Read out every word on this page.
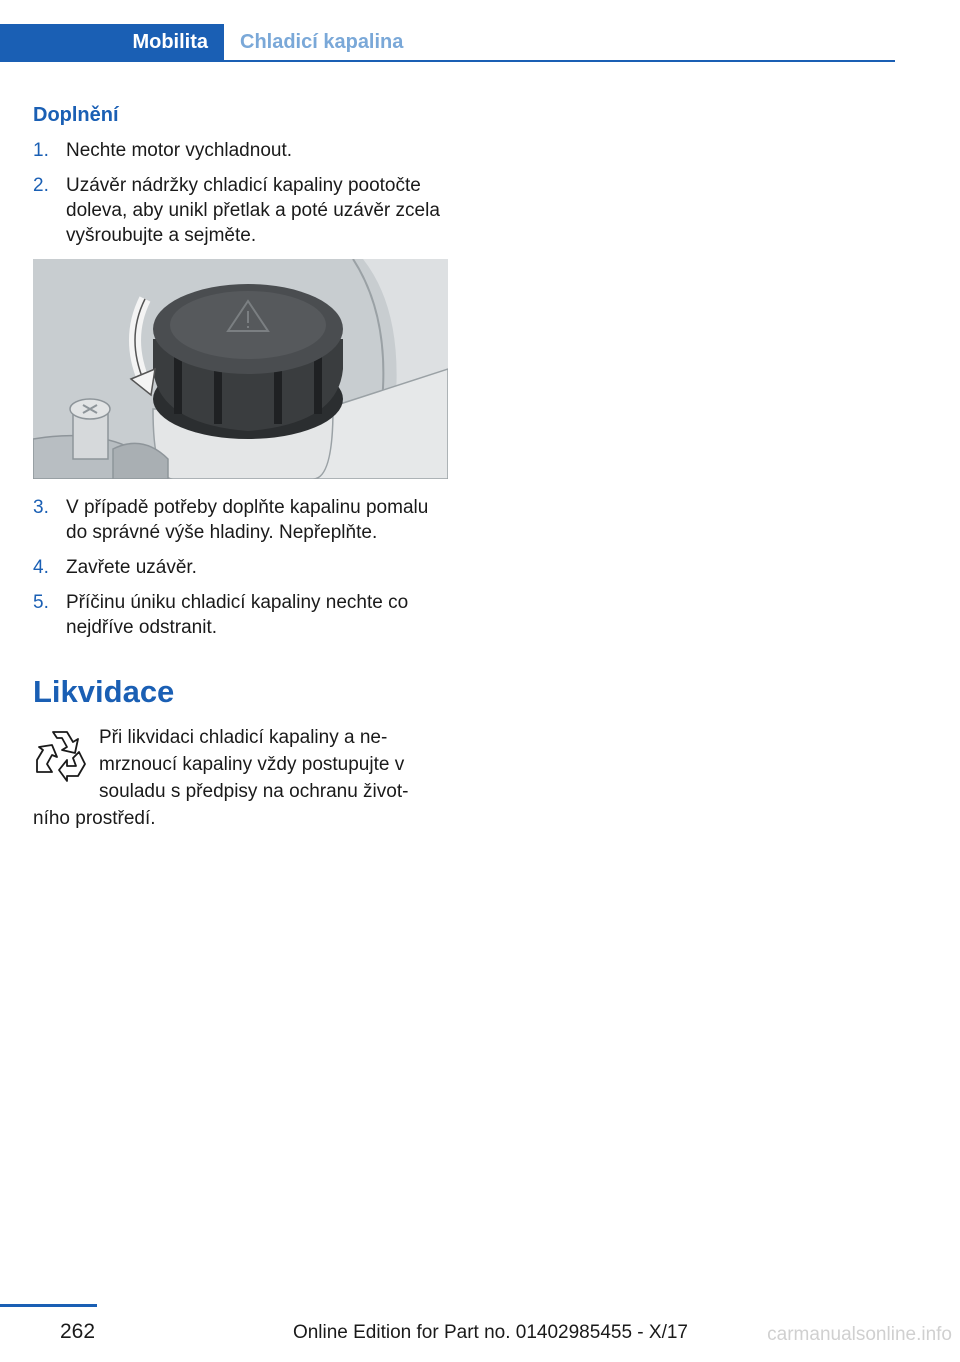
Mobilita	Chladicí kapalina
Doplnění
1. Nechte motor vychladnout.
2. Uzávěr nádržky chladicí kapaliny pootočte doleva, aby unikl přetlak a poté uzávěr zcela vyšroubujte a sejměte.
3. V případě potřeby doplňte kapalinu pomalu do správné výše hladiny. Nepřeplňte.
4. Zavřete uzávěr.
5. Příčinu úniku chladicí kapaliny nechte co nejdříve odstranit.
Likvidace
Při likvidaci chladicí kapaliny a ne‐
mrznoucí kapaliny vždy postupujte v
souladu s předpisy na ochranu život‐
ního prostředí.
262	Online Edition for Part no. 01402985455 - X/17	carmanualsonline.info
